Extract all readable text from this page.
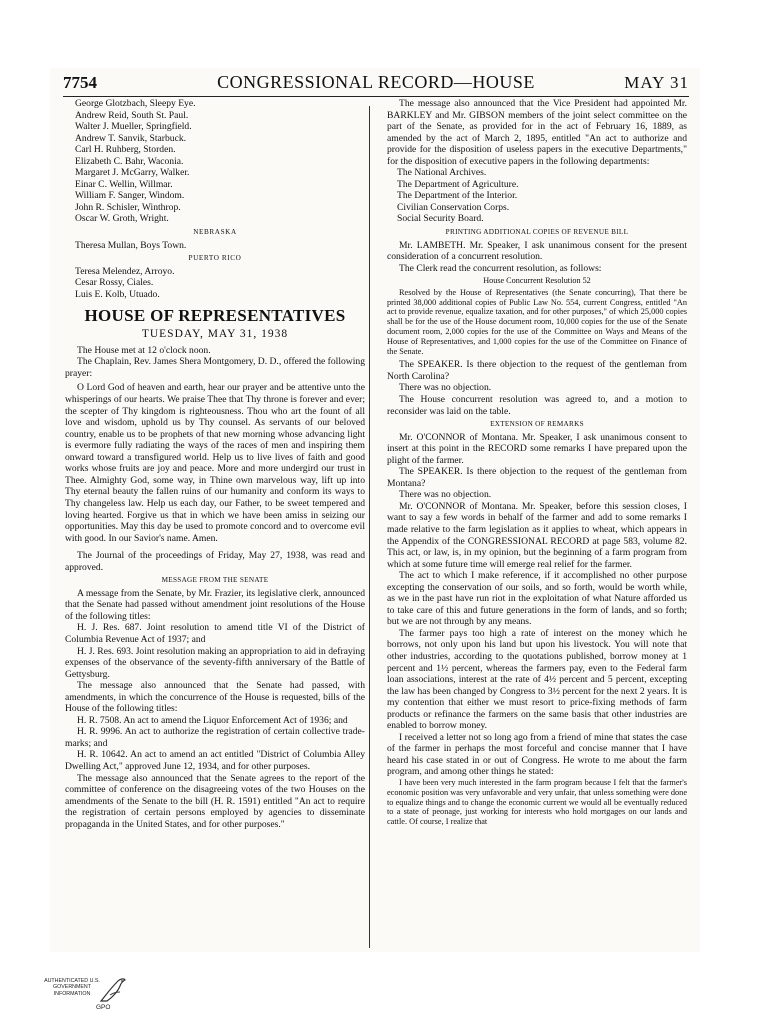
7754	CONGRESSIONAL RECORD—HOUSE	MAY 31
George Glotzbach, Sleepy Eye.
Andrew Reid, South St. Paul.
Walter J. Mueller, Springfield.
Andrew T. Sanvik, Starbuck.
Carl H. Ruhberg, Storden.
Elizabeth C. Bahr, Waconia.
Margaret J. McGarry, Walker.
Einar C. Wellin, Willmar.
William F. Sanger, Windom.
John R. Schisler, Winthrop.
Oscar W. Groth, Wright.
NEBRASKA
Theresa Mullan, Boys Town.
PUERTO RICO
Teresa Melendez, Arroyo.
Cesar Rossy, Ciales.
Luis E. Kolb, Utuado.
HOUSE OF REPRESENTATIVES
TUESDAY, MAY 31, 1938

The House met at 12 o'clock noon.

The Chaplain, Rev. James Shera Montgomery, D. D., offered the following prayer:

O Lord God of heaven and earth, hear our prayer and be attentive unto the whisperings of our hearts. We praise Thee that Thy throne is forever and ever; the scepter of Thy kingdom is righteousness. Thou who art the fount of all love and wisdom, uphold us by Thy counsel. As servants of our beloved country, enable us to be prophets of that new morning whose advancing light is evermore fully radiating the ways of the races of men and inspiring them onward toward a transfigured world. Help us to live lives of faith and good works whose fruits are joy and peace. More and more undergird our trust in Thee. Almighty God, some way, in Thine own marvelous way, lift up into Thy eternal beauty the fallen ruins of our humanity and conform its ways to Thy changeless law. Help us each day, our Father, to be sweet tempered and loving hearted. Forgive us that in which we have been amiss in seizing our opportunities. May this day be used to promote concord and to overcome evil with good. In our Savior's name. Amen.

The Journal of the proceedings of Friday, May 27, 1938, was read and approved.

MESSAGE FROM THE SENATE

A message from the Senate, by Mr. Frazier, its legislative clerk, announced that the Senate had passed without amendment joint resolutions of the House of the following titles:

H. J. Res. 687. Joint resolution to amend title VI of the District of Columbia Revenue Act of 1937; and

H. J. Res. 693. Joint resolution making an appropriation to aid in defraying expenses of the observance of the seventy-fifth anniversary of the Battle of Gettysburg.

The message also announced that the Senate had passed, with amendments, in which the concurrence of the House is requested, bills of the House of the following titles:

H. R. 7508. An act to amend the Liquor Enforcement Act of 1936; and

H. R. 9996. An act to authorize the registration of certain collective trade-marks; and

H. R. 10642. An act to amend an act entitled "District of Columbia Alley Dwelling Act," approved June 12, 1934, and for other purposes.

The message also announced that the Senate agrees to the report of the committee of conference on the disagreeing votes of the two Houses on the amendments of the Senate to the bill (H. R. 1591) entitled "An act to require the registration of certain persons employed by agencies to disseminate propaganda in the United States, and for other purposes."

The message also announced that the Vice President had appointed Mr. BARKLEY and Mr. GIBSON members of the joint select committee on the part of the Senate, as provided for in the act of February 16, 1889, as amended by the act of March 2, 1895, entitled "An act to authorize and provide for the disposition of useless papers in the executive Departments," for the disposition of executive papers in the following departments:

The National Archives.
The Department of Agriculture.
The Department of the Interior.
Civilian Conservation Corps.
Social Security Board.
PRINTING ADDITIONAL COPIES OF REVENUE BILL

Mr. LAMBETH. Mr. Speaker, I ask unanimous consent for the present consideration of a concurrent resolution.

The Clerk read the concurrent resolution, as follows:

House Concurrent Resolution 52

Resolved by the House of Representatives (the Senate concurring), That there be printed 38,000 additional copies of Public Law No. 554, current Congress, entitled "An act to provide revenue, equalize taxation, and for other purposes," of which 25,000 copies shall be for the use of the House document room, 10,000 copies for the use of the Senate document room, 2,000 copies for the use of the Committee on Ways and Means of the House of Representatives, and 1,000 copies for the use of the Committee on Finance of the Senate.

The SPEAKER. Is there objection to the request of the gentleman from North Carolina?

There was no objection.

The House concurrent resolution was agreed to, and a motion to reconsider was laid on the table.

EXTENSION OF REMARKS

Mr. O'CONNOR of Montana. Mr. Speaker, I ask unanimous consent to insert at this point in the RECORD some remarks I have prepared upon the plight of the farmer.

The SPEAKER. Is there objection to the request of the gentleman from Montana?

There was no objection.

Mr. O'CONNOR of Montana. Mr. Speaker, before this session closes, I want to say a few words in behalf of the farmer and add to some remarks I made relative to the farm legislation as it applies to wheat, which appears in the Appendix of the CONGRESSIONAL RECORD at page 583, volume 82. This act, or law, is, in my opinion, but the beginning of a farm program from which at some future time will emerge real relief for the farmer.

The act to which I make reference, if it accomplished no other purpose excepting the conservation of our soils, and so forth, would be worth while, as we in the past have run riot in the exploitation of what Nature afforded us to take care of this and future generations in the form of lands, and so forth; but we are not through by any means.

The farmer pays too high a rate of interest on the money which he borrows, not only upon his land but upon his livestock. You will note that other industries, according to the quotations published, borrow money at 1 percent and 1½ percent, whereas the farmers pay, even to the Federal farm loan associations, interest at the rate of 4½ percent and 5 percent, excepting the law has been changed by Congress to 3½ percent for the next 2 years. It is my contention that either we must resort to price-fixing methods of farm products or refinance the farmers on the same basis that other industries are enabled to borrow money.

I received a letter not so long ago from a friend of mine that states the case of the farmer in perhaps the most forceful and concise manner that I have heard his case stated in or out of Congress. He wrote to me about the farm program, and among other things he stated:

I have been very much interested in the farm program because I felt that the farmer's economic position was very unfavorable and very unfair, that unless something were done to equalize things and to change the economic current we would all be eventually reduced to a state of peonage, just working for interests who hold mortgages on our lands and cattle. Of course, I realize that

AUTHENTICATED U.S. GOVERNMENT INFORMATION
GPO
